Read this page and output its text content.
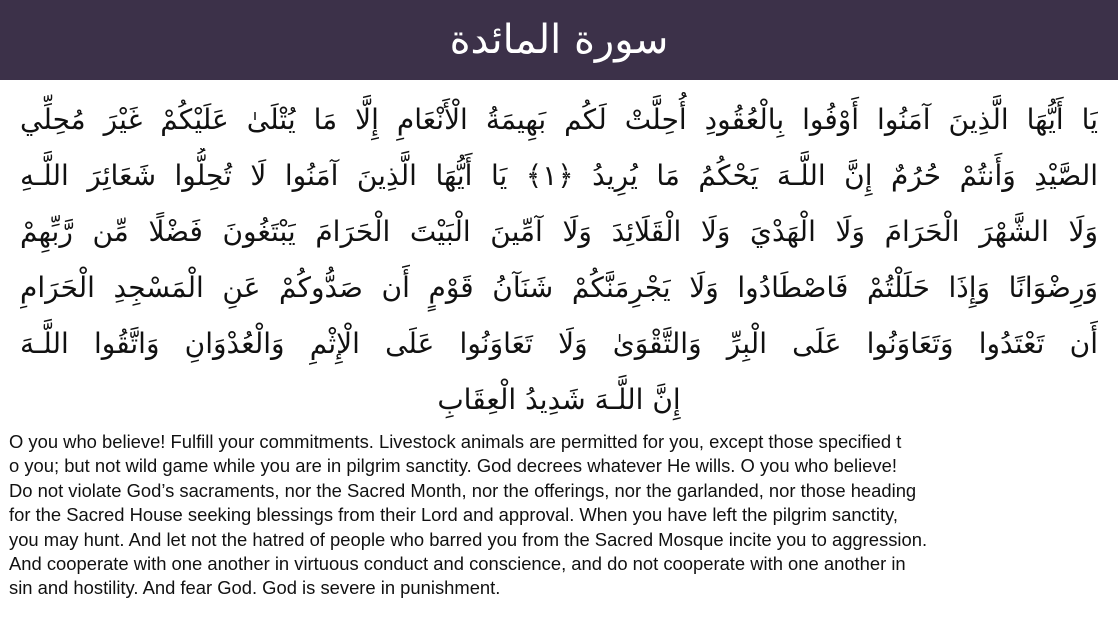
سورة المائدة
يَا أَيُّهَا الَّذِينَ آمَنُوا أَوْفُوا بِالْعُقُودِ أُحِلَّتْ لَكُم بَهِيمَةُ الْأَنْعَامِ إِلَّا مَا يُتْلَىٰ عَلَيْكُمْ غَيْرَ مُحِلِّي
الصَّيْدِ وَأَنتُمْ حُرُمٌ إِنَّ اللَّـهَ يَحْكُمُ مَا يُرِيدُ ﴿١﴾ يَا أَيُّهَا الَّذِينَ آمَنُوا لَا تُحِلُّوا شَعَائِرَ اللَّـهِ
وَلَا الشَّهْرَ الْحَرَامَ وَلَا الْهَدْيَ وَلَا الْقَلَائِدَ وَلَا آمِّينَ الْبَيْتَ الْحَرَامَ يَبْتَغُونَ فَضْلًا مِّن رَّبِّهِمْ
وَرِضْوَانًا وَإِذَا حَلَلْتُمْ فَاصْطَادُوا وَلَا يَجْرِمَنَّكُمْ شَنَآنُ قَوْمٍ أَن صَدُّوكُمْ عَنِ الْمَسْجِدِ الْحَرَامِ
أَن تَعْتَدُوا وَتَعَاوَنُوا عَلَى الْبِرِّ وَالتَّقْوَىٰ وَلَا تَعَاوَنُوا عَلَى الْإِثْمِ وَالْعُدْوَانِ وَاتَّقُوا اللَّـهَ
إِنَّ اللَّـهَ شَدِيدُ الْعِقَابِ
O you who believe! Fulfill your commitments. Livestock animals are permitted for you, except those specified t
o you; but not wild game while you are in pilgrim sanctity. God decrees whatever He wills. O you who believe!
Do not violate God’s sacraments, nor the Sacred Month, nor the offerings, nor the garlanded, nor those heading
for the Sacred House seeking blessings from their Lord and approval. When you have left the pilgrim sanctity,
you may hunt. And let not the hatred of people who barred you from the Sacred Mosque incite you to aggression.
And cooperate with one another in virtuous conduct and conscience, and do not cooperate with one another in
sin and hostility. And fear God. God is severe in punishment.
